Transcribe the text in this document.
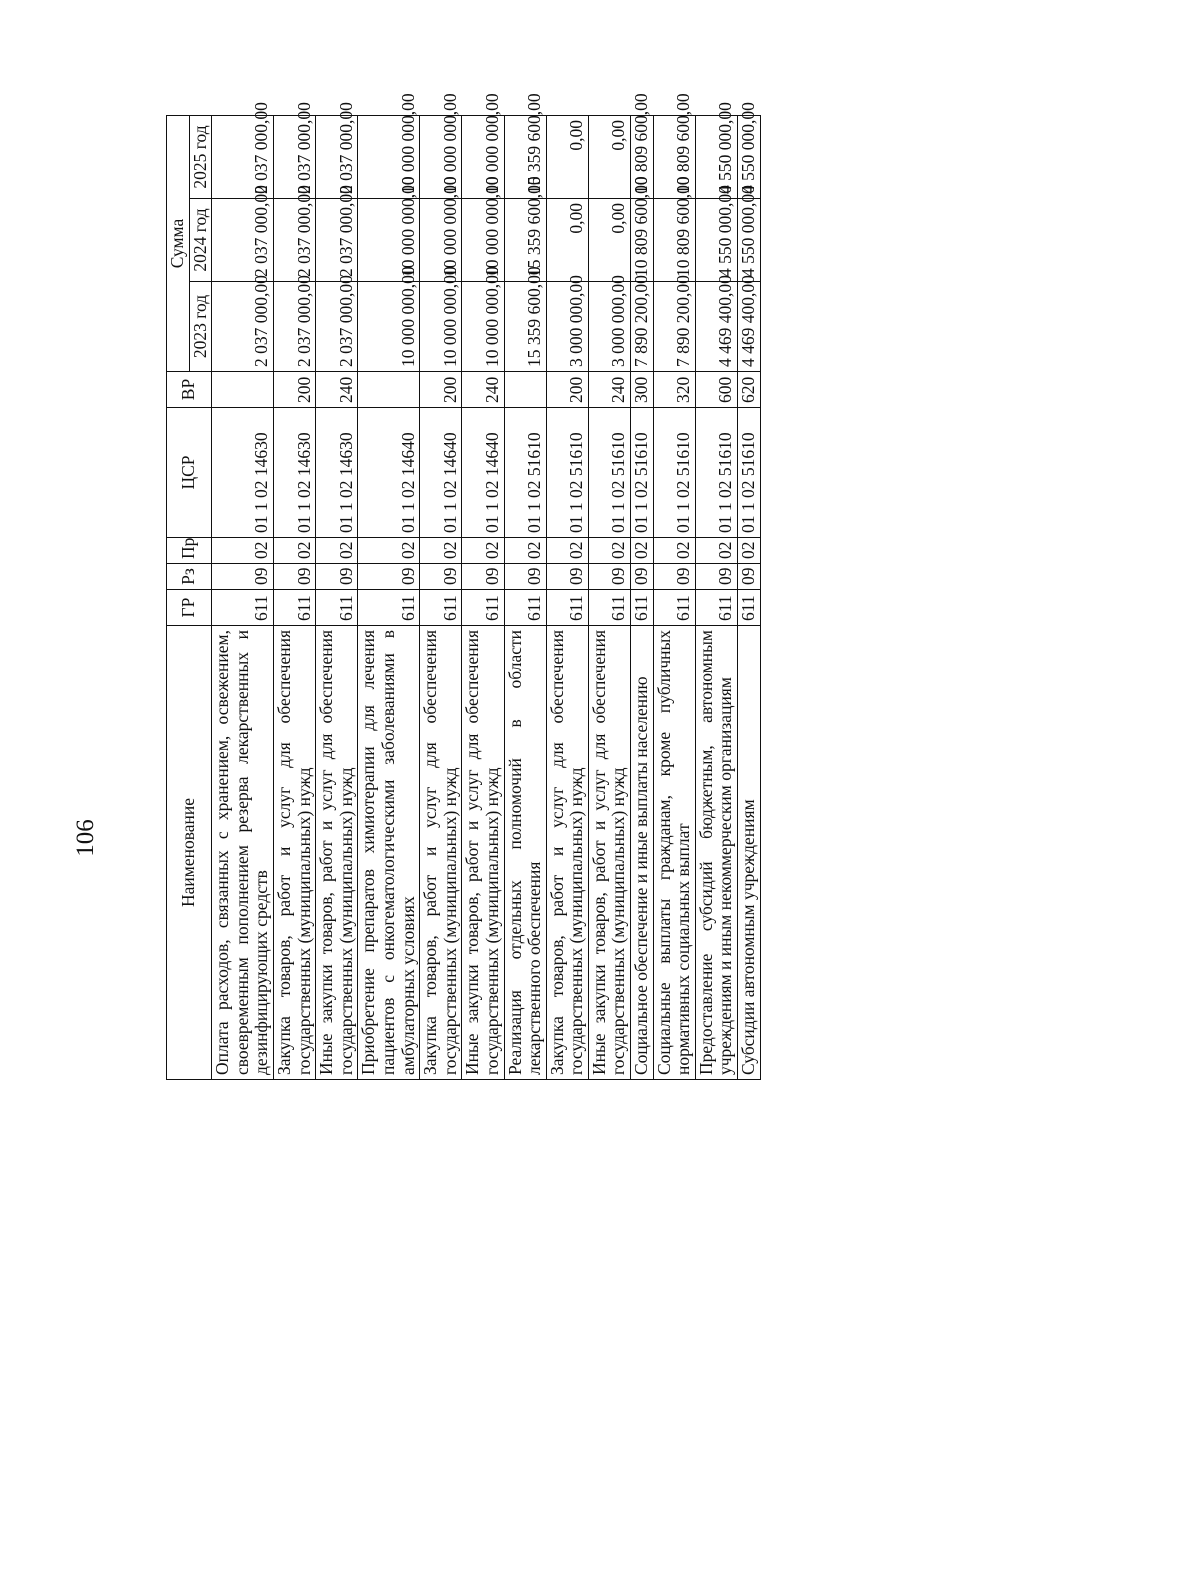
106	Наименование	ГР	Рз	Пр	ЦСР	ВР	Сумма		
						2023 год	2024 год	2025 год
Оплата расходов, связанных с хранением, освежением, своевременным пополнением резерва лекарственных и дезинфицирующих средств	611	09	02	01 1 02 14630		2 037 000,00	2 037 000,00	2 037 000,00
Закупка товаров, работ и услуг для обеспечения государственных (муниципальных) нужд	611	09	02	01 1 02 14630	200	2 037 000,00	2 037 000,00	2 037 000,00
Иные закупки товаров, работ и услуг для обеспечения государственных (муниципальных) нужд	611	09	02	01 1 02 14630	240	2 037 000,00	2 037 000,00	2 037 000,00
Приобретение препаратов химиотерапии для лечения пациентов с онкогематологическими заболеваниями в амбулаторных условиях	611	09	02	01 1 02 14640		10 000 000,00	10 000 000,00	10 000 000,00
Закупка товаров, работ и услуг для обеспечения государственных (муниципальных) нужд	611	09	02	01 1 02 14640	200	10 000 000,00	10 000 000,00	10 000 000,00
Иные закупки товаров, работ и услуг для обеспечения государственных (муниципальных) нужд	611	09	02	01 1 02 14640	240	10 000 000,00	10 000 000,00	10 000 000,00
Реализация отдельных полномочий в области лекарственного обеспечения	611	09	02	01 1 02 51610		15 359 600,00	15 359 600,00	15 359 600,00
Закупка товаров, работ и услуг для обеспечения государственных (муниципальных) нужд	611	09	02	01 1 02 51610	200	3 000 000,00	0,00	0,00
Иные закупки товаров, работ и услуг для обеспечения государственных (муниципальных) нужд	611	09	02	01 1 02 51610	240	3 000 000,00	0,00	0,00
Социальное обеспечение и иные выплаты населению	611	09	02	01 1 02 51610	300	7 890 200,00	10 809 600,00	10 809 600,00
Социальные выплаты гражданам, кроме публичных нормативных социальных выплат	611	09	02	01 1 02 51610	320	7 890 200,00	10 809 600,00	10 809 600,00
Предоставление субсидий бюджетным, автономным учреждениям и иным некоммерческим организациям	611	09	02	01 1 02 51610	600	4 469 400,00	4 550 000,00	4 550 000,00
Субсидии автономным учреждениям	611	09	02	01 1 02 51610	620	4 469 400,00	4 550 000,00	4 550 000,00
